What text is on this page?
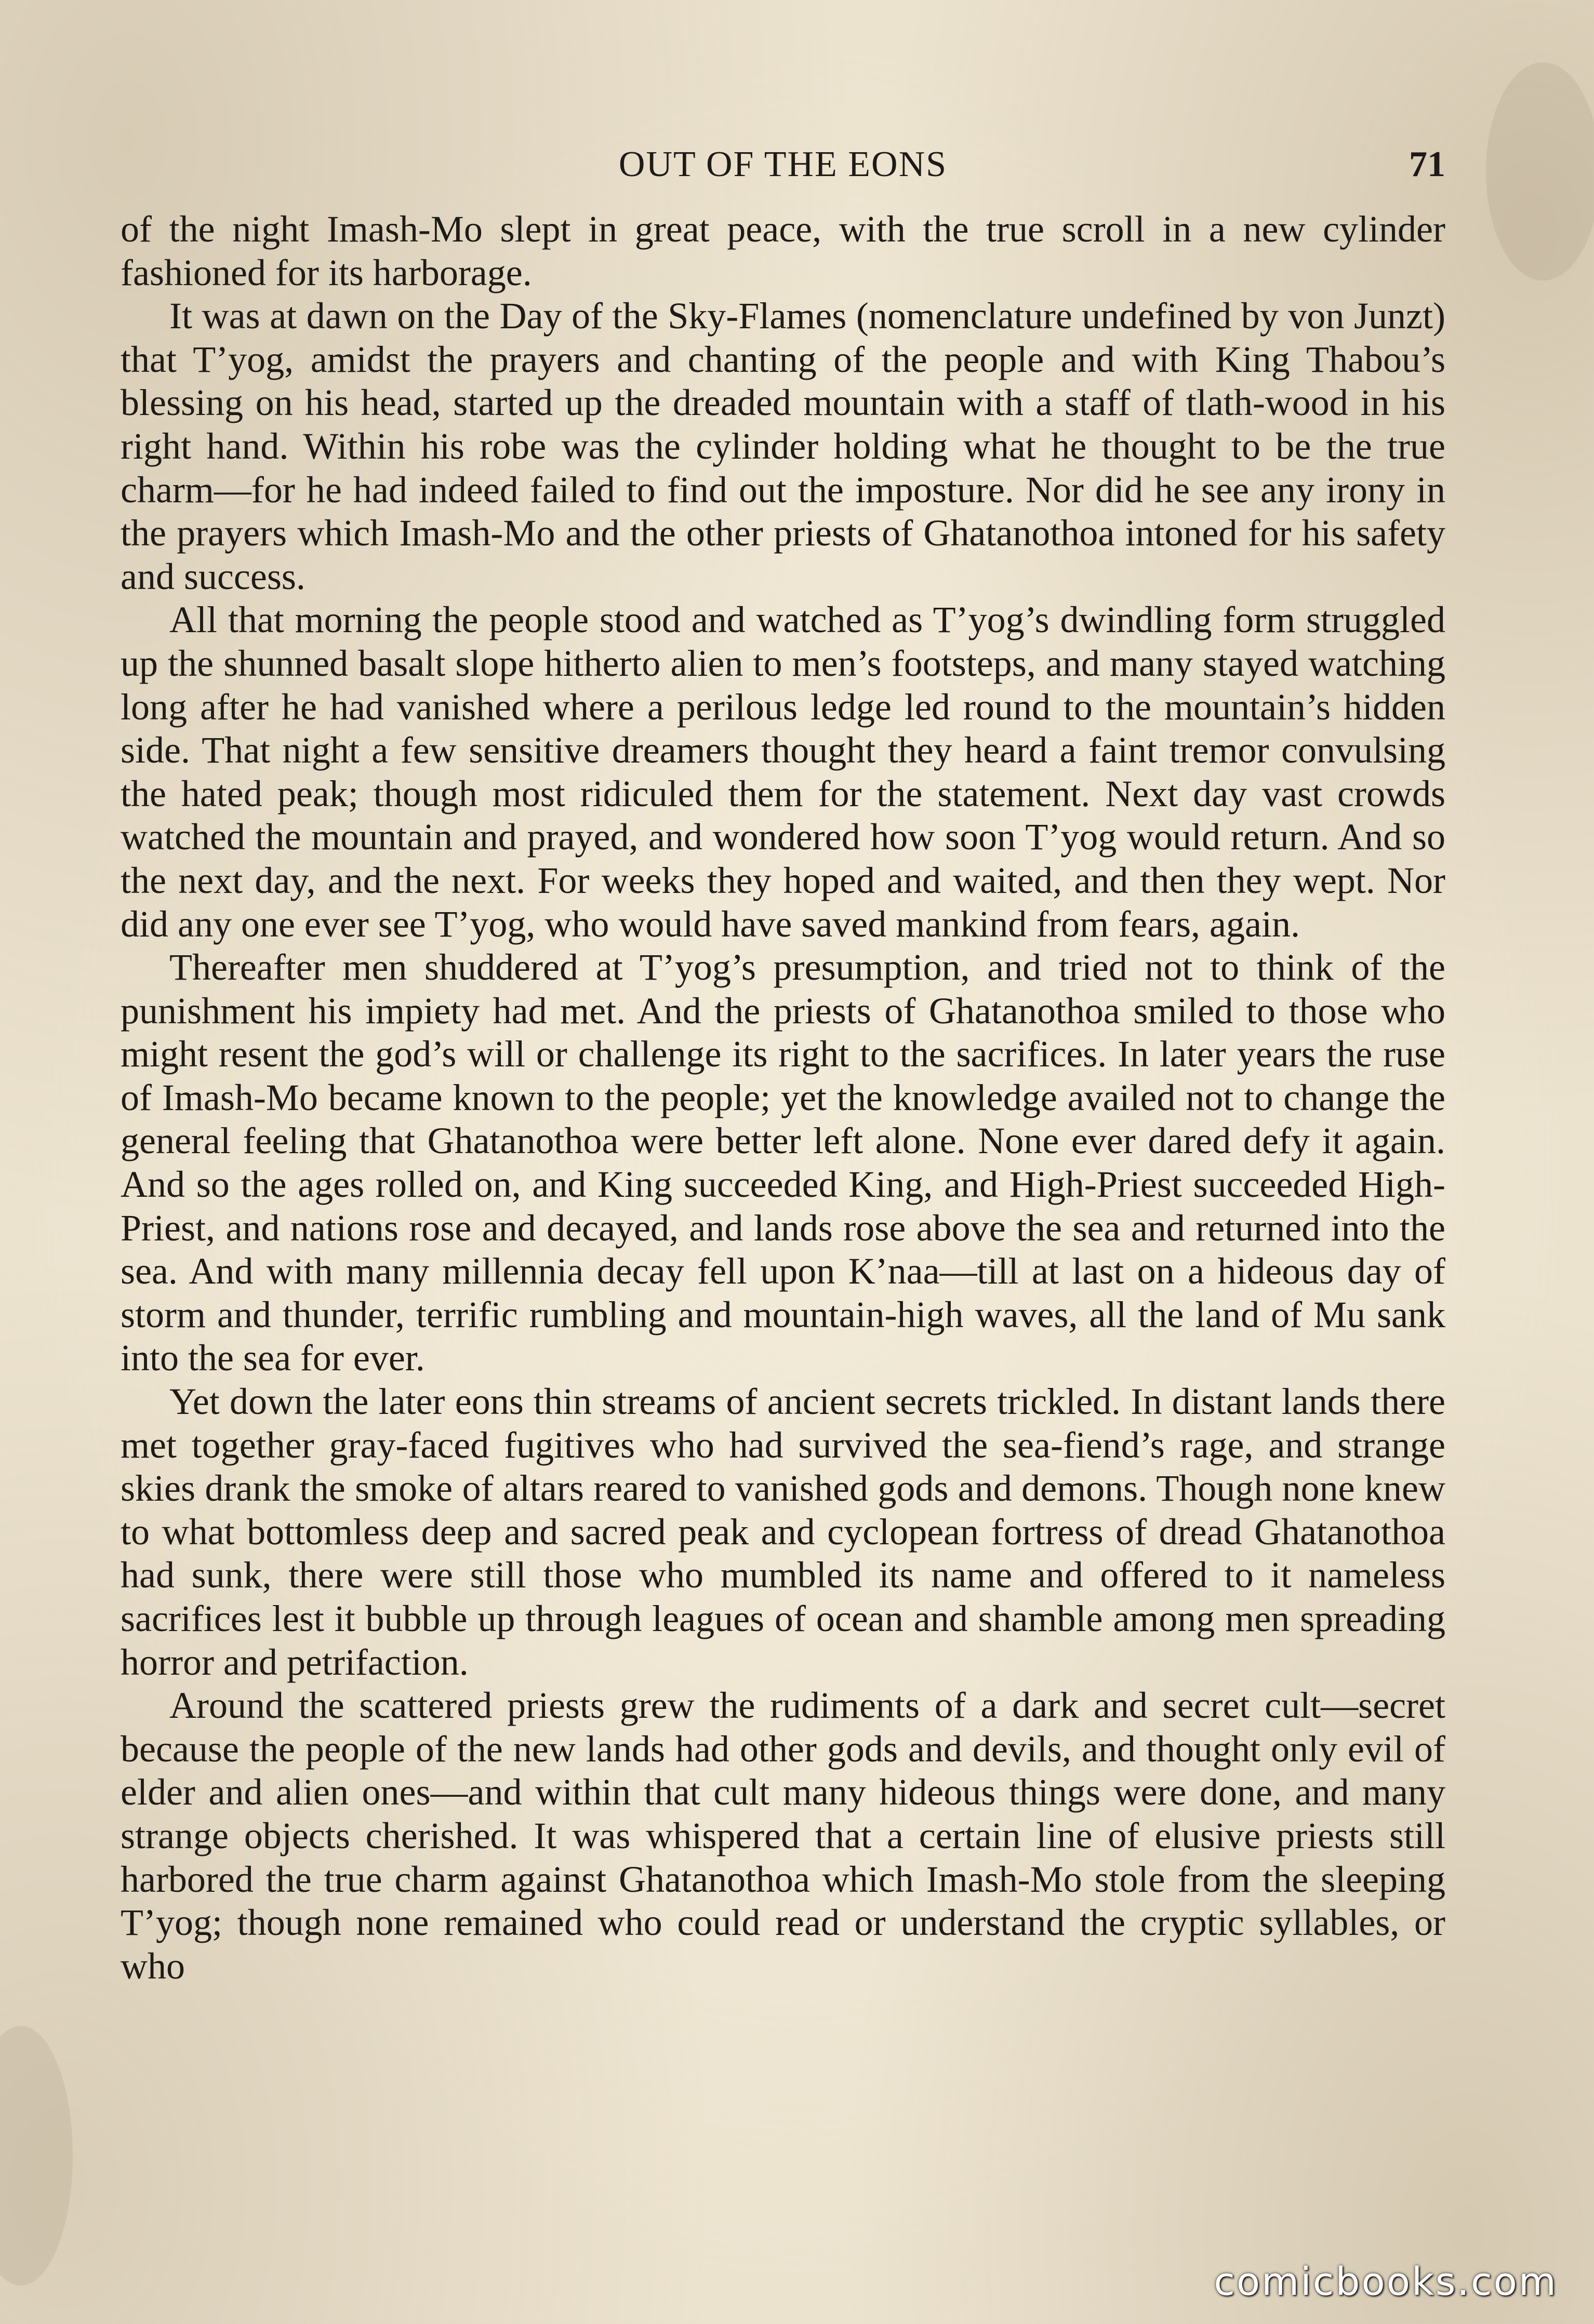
OUT OF THE EONS	71

of the night Imash-Mo slept in great peace, with the true scroll in a new cylinder fashioned for its harborage.

It was at dawn on the Day of the Sky-Flames (nomenclature undefined by von Junzt) that T’yog, amidst the prayers and chanting of the people and with King Thabou’s blessing on his head, started up the dreaded mountain with a staff of tlath-wood in his right hand. Within his robe was the cylinder holding what he thought to be the true charm—for he had indeed failed to find out the imposture. Nor did he see any irony in the prayers which Imash-Mo and the other priests of Ghatanothoa intoned for his safety and success.

All that morning the people stood and watched as T’yog’s dwindling form struggled up the shunned basalt slope hitherto alien to men’s footsteps, and many stayed watching long after he had vanished where a perilous ledge led round to the mountain’s hidden side. That night a few sensitive dreamers thought they heard a faint tremor convulsing the hated peak; though most ridiculed them for the statement. Next day vast crowds watched the mountain and prayed, and wondered how soon T’yog would return. And so the next day, and the next. For weeks they hoped and waited, and then they wept. Nor did any one ever see T’yog, who would have saved mankind from fears, again.

Thereafter men shuddered at T’yog’s presumption, and tried not to think of the punishment his impiety had met. And the priests of Ghatanothoa smiled to those who might resent the god’s will or challenge its right to the sacrifices. In later years the ruse of Imash-Mo became known to the people; yet the knowledge availed not to change the general feeling that Ghatanothoa were better left alone. None ever dared defy it again. And so the ages rolled on, and King succeeded King, and High-Priest succeeded High-Priest, and nations rose and decayed, and lands rose above the sea and returned into the sea. And with many millennia decay fell upon K’naa—till at last on a hideous day of storm and thunder, terrific rumbling and mountain-high waves, all the land of Mu sank into the sea for ever.

Yet down the later eons thin streams of ancient secrets trickled. In distant lands there met together gray-faced fugitives who had survived the sea-fiend’s rage, and strange skies drank the smoke of altars reared to vanished gods and demons. Though none knew to what bottomless deep and sacred peak and cyclopean fortress of dread Ghatanothoa had sunk, there were still those who mumbled its name and offered to it nameless sacrifices lest it bubble up through leagues of ocean and shamble among men spreading horror and petrifaction.

Around the scattered priests grew the rudiments of a dark and secret cult—secret because the people of the new lands had other gods and devils, and thought only evil of elder and alien ones—and within that cult many hideous things were done, and many strange objects cherished. It was whispered that a certain line of elusive priests still harbored the true charm against Ghatanothoa which Imash-Mo stole from the sleeping T’yog; though none remained who could read or understand the cryptic syllables, or who

comicbooks.com
